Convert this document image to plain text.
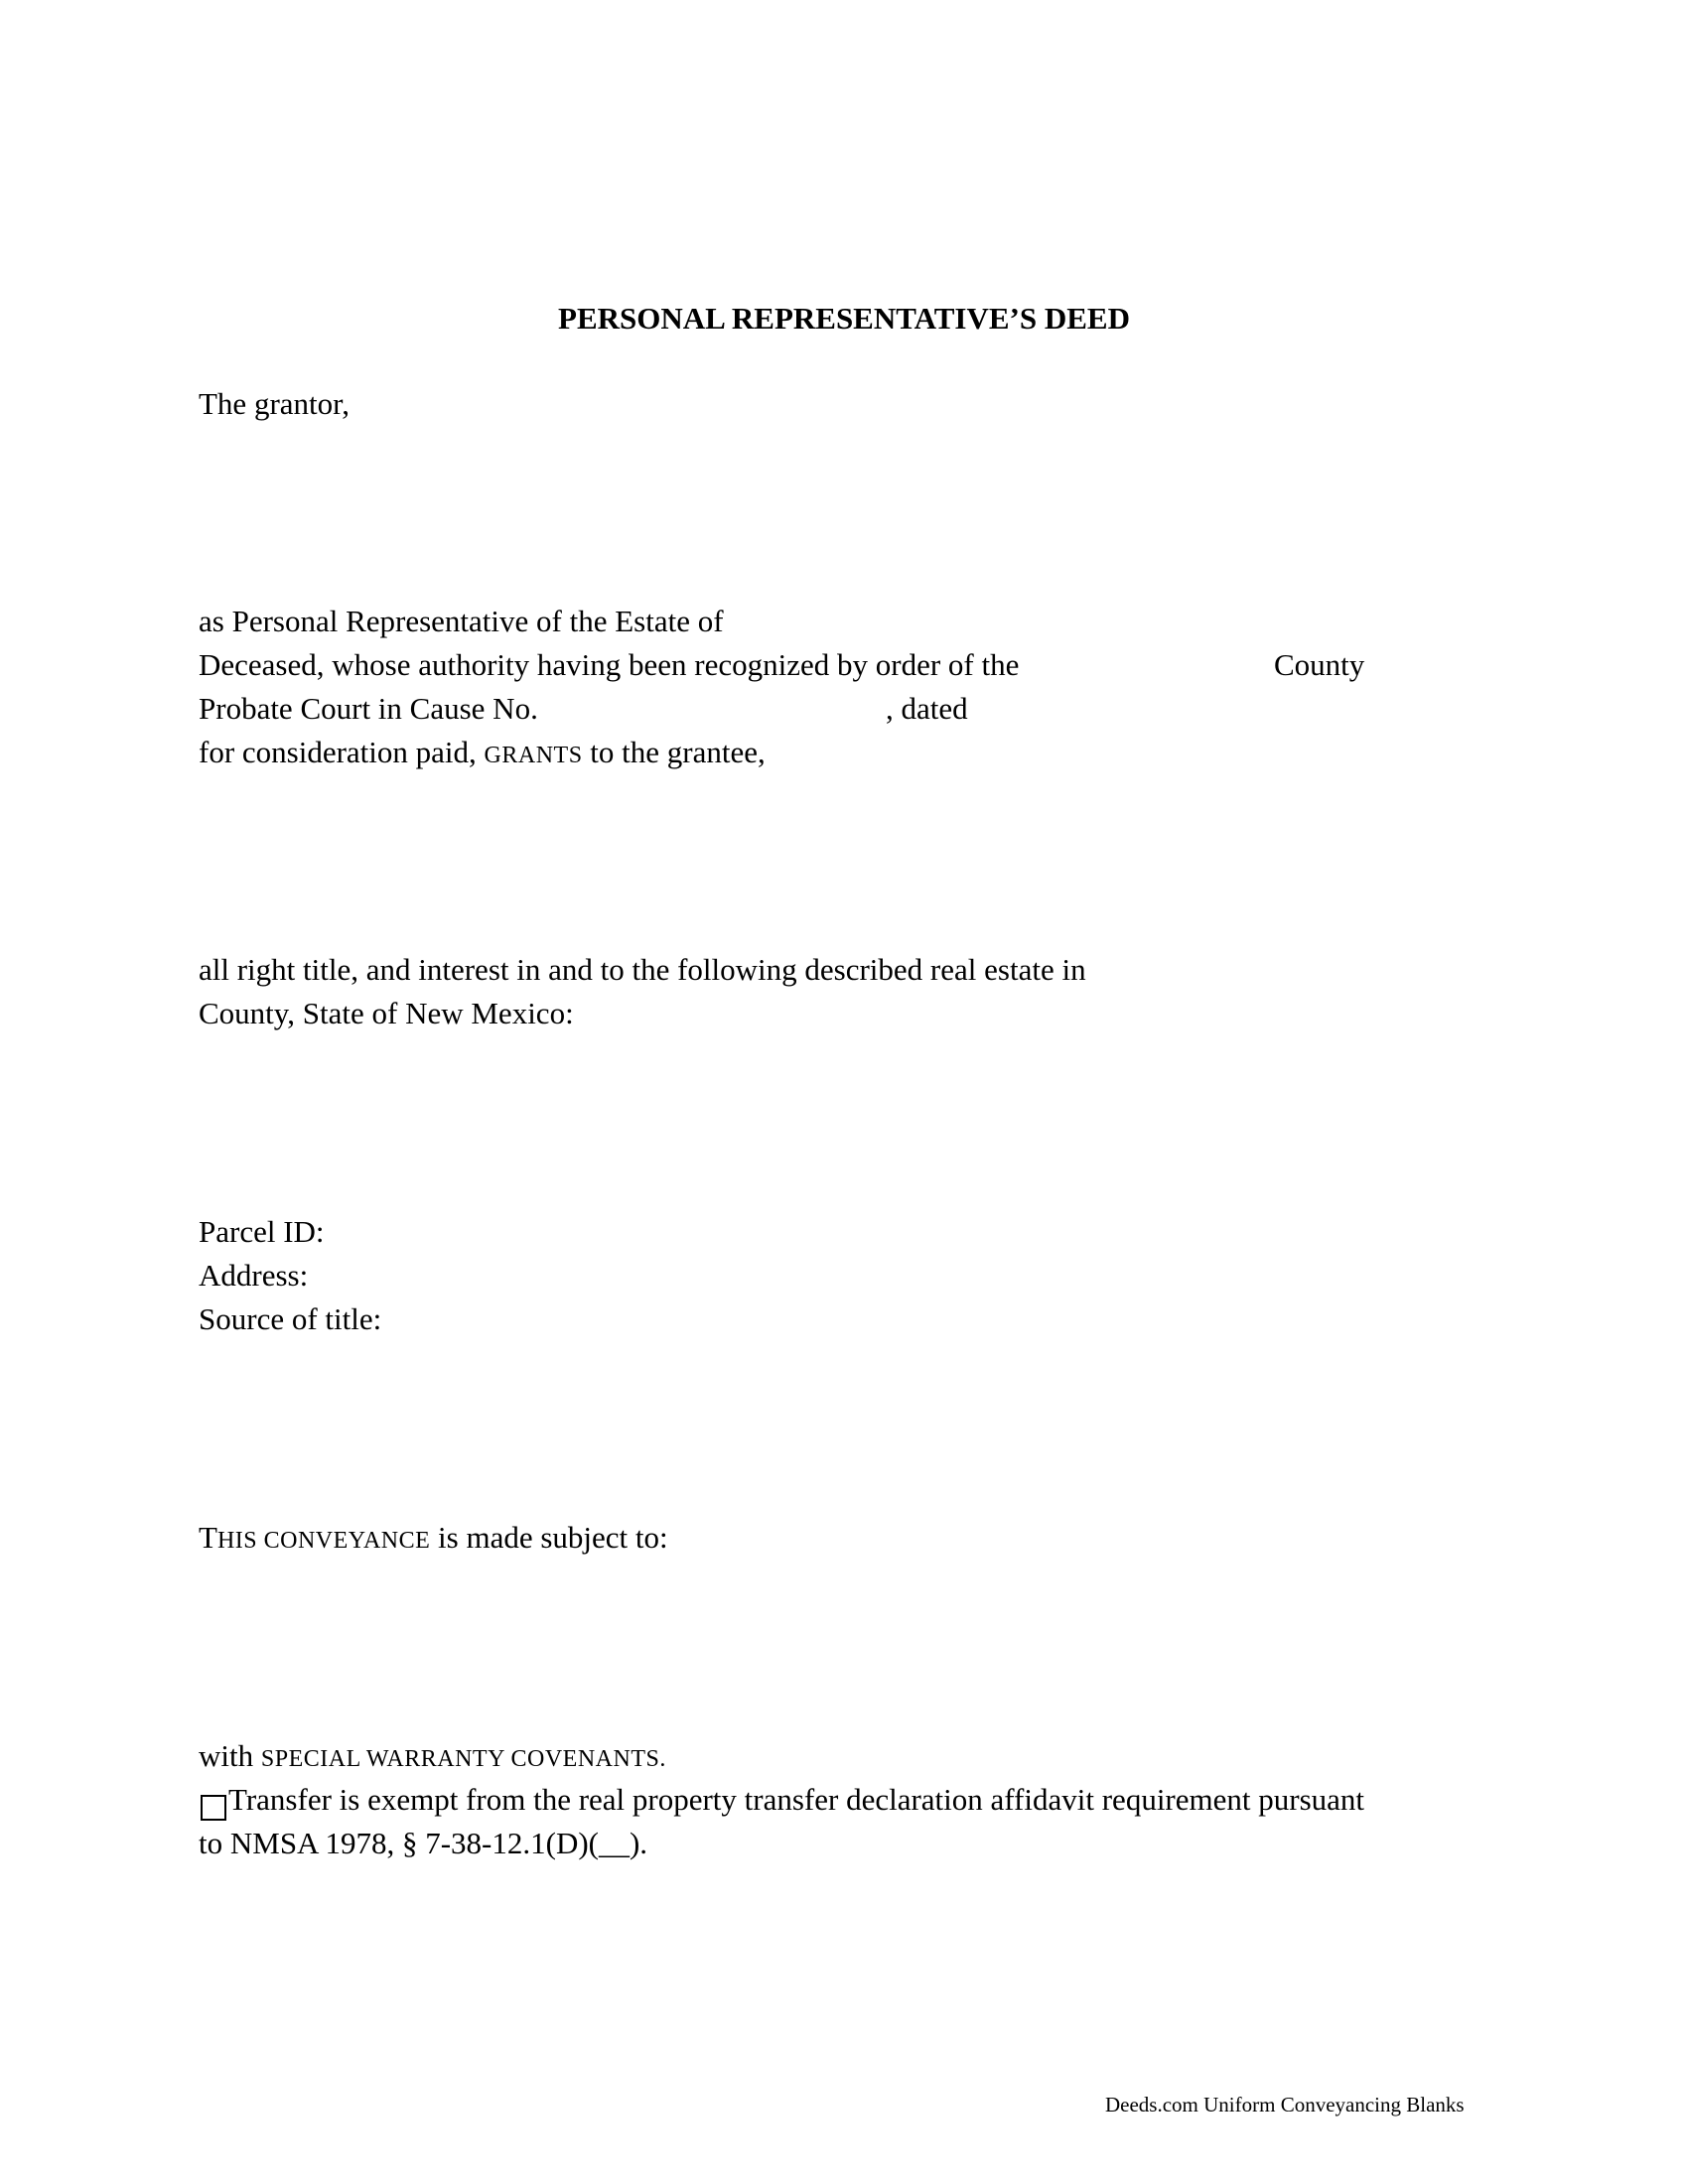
PERSONAL REPRESENTATIVE’S DEED
The grantor,
as Personal Representative of the Estate of
Deceased, whose authority having been recognized by order of the	County
Probate Court in Cause No.	, dated
for consideration paid, GRANTS to the grantee,
all right title, and interest in and to the following described real estate in
County, State of New Mexico:
Parcel ID:
Address:
Source of title:
THIS CONVEYANCE is made subject to:
with SPECIAL WARRANTY COVENANTS.
Transfer is exempt from the real property transfer declaration affidavit requirement pursuant
to NMSA 1978, § 7-38-12.1(D)(__).
Deeds.com Uniform Conveyancing Blanks
